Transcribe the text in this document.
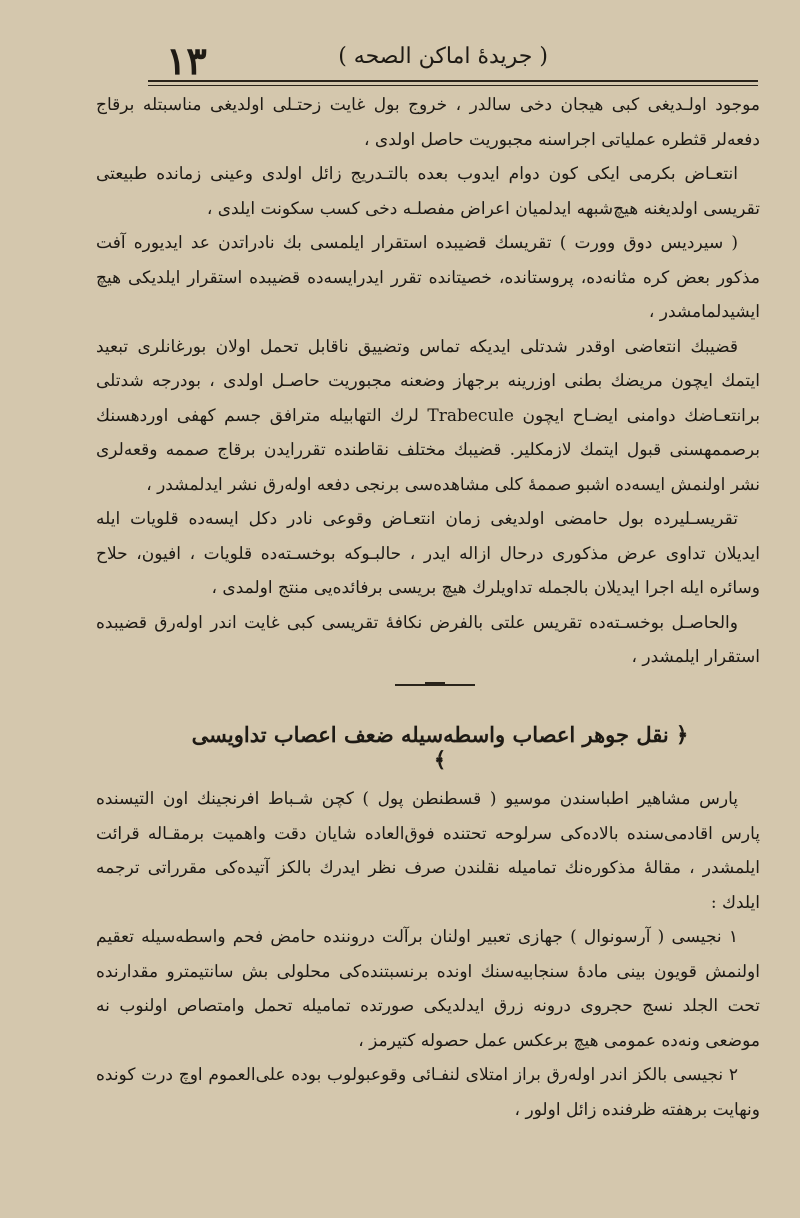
١٣	( جريدهٔ اماكن الصحه )

موجود اولـديغى كبى هيجان دخى سالدر ، خروج بول غايت زحتـلى اولديغى مناسبتله برقاج دفعه‌لر قثطره عملياتى اجراسنه مجبوريت حاصل اولدى ،

انتعـاض بكرمى ايكى كون دوام ايدوب بعده بالتـدريج زائل اولدى وعينى زمانده طبيعتى تقريسى اولديغنه هيچ‌شبهه ايدلميان اعراض مفصلـه دخى كسب سكونت ايلدى ،

( سيرديس دوق وورت ) تقريسك قضيبده استقرار ايلمسى بك نادراتدن عد ايديوره آفت مذكور بعض كره مثانه‌ده، پروستانده، خصيتانده تقرر ايدرايسه‌ده قضيبده استقرار ايلديكى هيچ ايشيدلمامشدر ،

قضيبك انتعاضى اوقدر شدتلى ايديكه تماس وتضييق ناقابل تحمل اولان بورغانلرى تبعيد ايتمك ايچون مريضك بطنى اوزرينه برجهاز وضعنه مجبوريت حاصـل اولدى ، بودرجه شدتلى برانتعـاضك دوامنى ايضـاح ايچون Trabecule لرك التهابيله مترافق جسم كهفى اوردهسنك برصممهسنى قبول ايتمك لازمكلير. قضيبك مختلف نقاطنده تقررايدن برقاج صممه وقعه‌لرى نشر اولنمش ايسه‌ده اشبو صممهٔ كلى مشاهده‌سى برنجى دفعه اوله‌رق نشر ايدلمشدر ،

تقريسـليرده بول حامضى اولديغى زمان انتعـاض وقوعى نادر دكل ايسه‌ده قلويات ايله ايديلان تداوى عرض مذكورى درحال ازاله ايدر ، حالبـوكه بوخسـته‌ده قلويات ، افيون، حلاح وسائره ايله اجرا ايديلان بالجمله تداويلرك هيچ بريسى برفائده‌يى منتج اولمدى ،

والحاصـل بوخسـته‌ده تقريس علتى بالفرض نكافهٔ تقريسى كبى غايت اندر اوله‌رق قضيبده استقرار ايلمشدر ،

﴿ نقل جوهر اعصاب واسطه‌سيله ضعف اعصاب تداويسى ﴾

پارس مشاهير اطباسندن موسيو ( قسطنطن پول ) كچن شـباط افرنجينك اون التيسنده پارس اقادمى‌سنده بالاده‌كى سرلوحه تحتنده فوق‌العاده شايان دقت واهميت برمقـاله قرائت ايلمشدر ، مقالهٔ مذكوره‌نك تماميله نقلندن صرف نظر ايدرك بالكز آتيده‌كى مقرراتى ترجمه ايلدك :

١ نجيسى ( آرسونوال ) جهازى تعبير اولنان برآلت دروننده حامض فحم واسطه‌سيله تعقيم اولنمش قويون بينى مادهٔ سنجابيه‌سنك اونده برنسبتنده‌كى محلولى بش سانتيمترو مقدارنده تحت الجلد نسج حجروى درونه زرق ايدلديكى صورتده تماميله تحمل وامتصاص اولنوب نه موضعى ونه‌ده عمومى هيچ برعكس عمل حصوله كتيرمز ،

٢ نجيسى بالكز اندر اوله‌رق براز امتلاى لنفـائى وقوعبولوب بوده على‌العموم اوچ درت كونده ونهايت برهفته ظرفنده زائل اولور ،
